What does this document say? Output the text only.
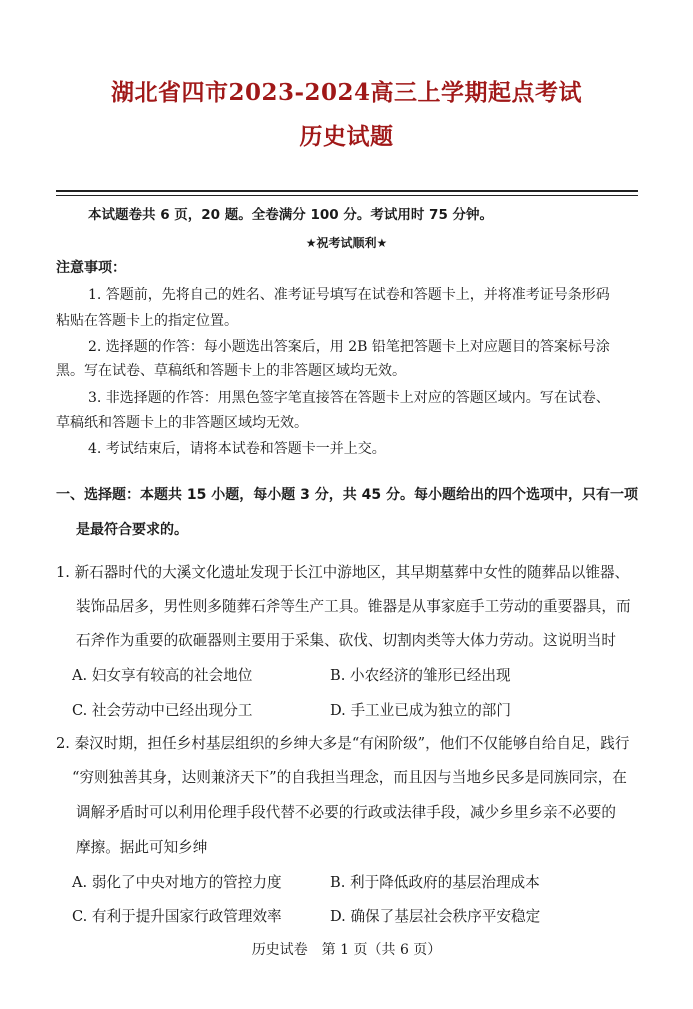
湖北省四市2023-2024高三上学期起点考试
历史试题
本试题卷共 6 页，20 题。全卷满分 100 分。考试用时 75 分钟。
★祝考试顺利★
注意事项：
1. 答题前，先将自己的姓名、准考证号填写在试卷和答题卡上，并将准考证号条形码
粘贴在答题卡上的指定位置。
2. 选择题的作答：每小题选出答案后，用 2B 铅笔把答题卡上对应题目的答案标号涂
黑。写在试卷、草稿纸和答题卡上的非答题区域均无效。
3. 非选择题的作答：用黑色签字笔直接答在答题卡上对应的答题区域内。写在试卷、
草稿纸和答题卡上的非答题区域均无效。
4. 考试结束后，请将本试卷和答题卡一并上交。
一、选择题：本题共 15 小题，每小题 3 分，共 45 分。每小题给出的四个选项中，只有一项
是最符合要求的。
1. 新石器时代的大溪文化遗址发现于长江中游地区，其早期墓葬中女性的随葬品以锥器、
装饰品居多，男性则多随葬石斧等生产工具。锥器是从事家庭手工劳动的重要器具，而
石斧作为重要的砍砸器则主要用于采集、砍伐、切割肉类等大体力劳动。这说明当时
A. 妇女享有较高的社会地位	B. 小农经济的雏形已经出现
C. 社会劳动中已经出现分工	D. 手工业已成为独立的部门
2. 秦汉时期，担任乡村基层组织的乡绅大多是“有闲阶级”，他们不仅能够自给自足，践行
“穷则独善其身，达则兼济天下”的自我担当理念，而且因与当地乡民多是同族同宗，在
调解矛盾时可以利用伦理手段代替不必要的行政或法律手段，减少乡里乡亲不必要的
摩擦。据此可知乡绅
A. 弱化了中央对地方的管控力度	B. 利于降低政府的基层治理成本
C. 有利于提升国家行政管理效率	D. 确保了基层社会秩序平安稳定
历史试卷　第 1 页（共 6 页）
